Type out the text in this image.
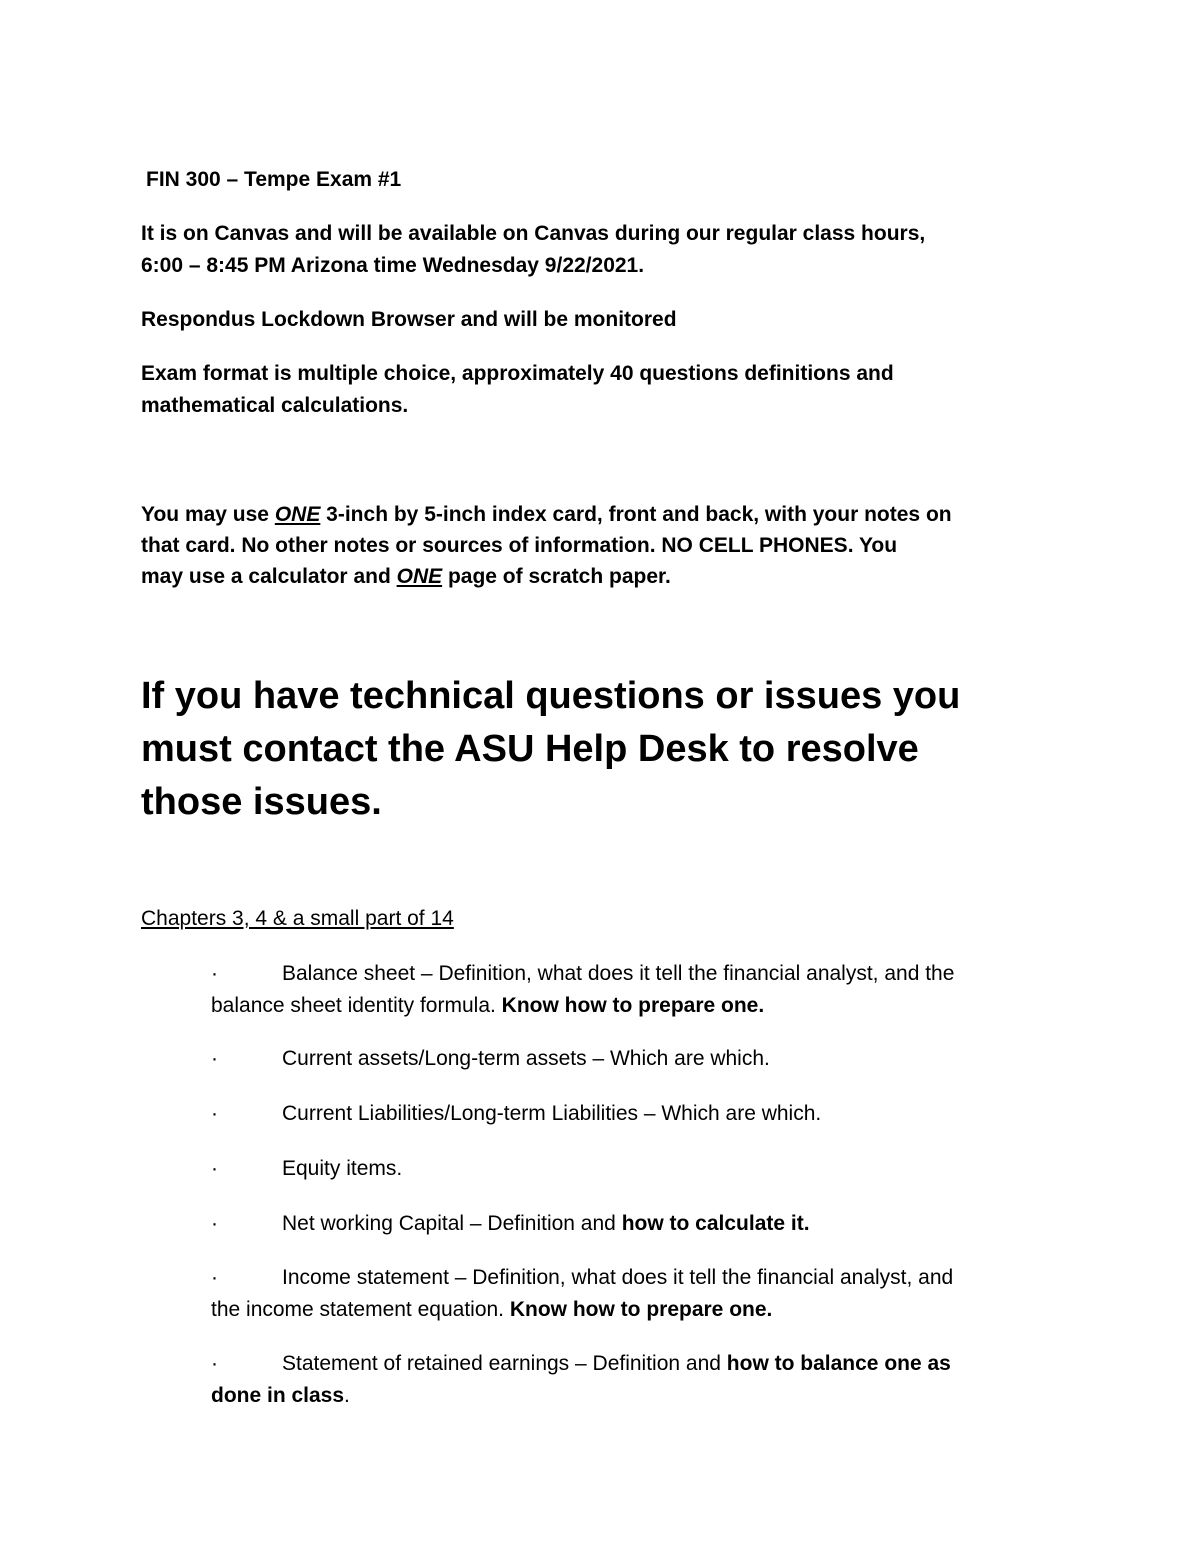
FIN 300 – Tempe Exam #1

It is on Canvas and will be available on Canvas during our regular class hours,

6:00 – 8:45 PM Arizona time Wednesday 9/22/2021.

Respondus Lockdown Browser and will be monitored

Exam format is multiple choice, approximately 40 questions definitions and

mathematical calculations.

You may use ONE 3-inch by 5-inch index card, front and back, with your notes on

that card. No other notes or sources of information. NO CELL PHONES. You

may use a calculator and ONE page of scratch paper.

If you have technical questions or issues you
must contact the ASU Help Desk to resolve
those issues.

Chapters 3, 4 & a small part of 14

·	Balance sheet – Definition, what does it tell the financial analyst, and the
balance sheet identity formula. Know how to prepare one.
·	Current assets/Long-term assets – Which are which.
·	Current Liabilities/Long-term Liabilities – Which are which.
·	Equity items.
·	Net working Capital – Definition and how to calculate it.
·	Income statement – Definition, what does it tell the financial analyst, and
the income statement equation. Know how to prepare one.
·	Statement of retained earnings – Definition and how to balance one as
done in class.
